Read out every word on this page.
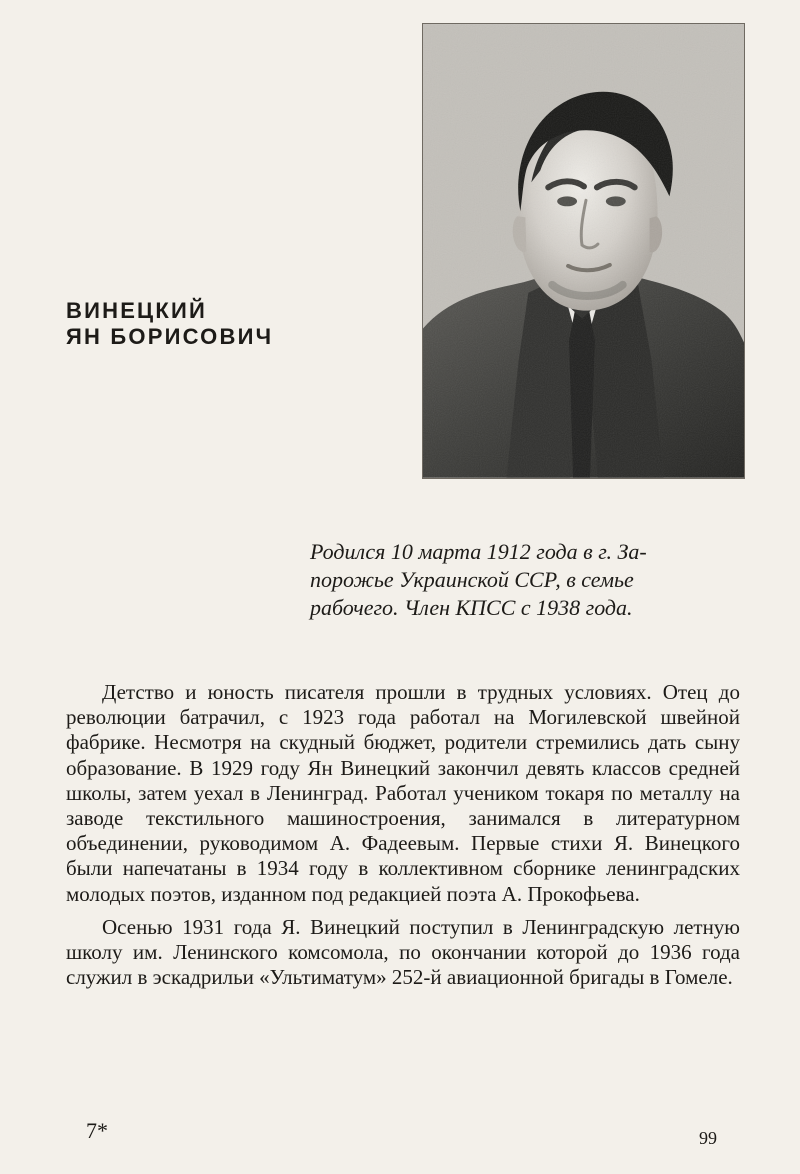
ВИНЕЦКИЙ
ЯН БОРИСОВИЧ
Родился 10 марта 1912 года в г. За-
порожье Украинской ССР, в семье
рабочего. Член КПСС с 1938 года.

Детство и юность писателя прошли в трудных условиях. Отец до революции батрачил, с 1923 года работал на Могилевской швейной фабрике. Несмотря на скудный бюджет, родители стремились дать сыну образование. В 1929 году Ян Винецкий закончил девять классов средней школы, затем уехал в Ленинград. Работал учеником токаря по металлу на заводе текстильного машиностроения, занимался в литературном объединении, руководимом А. Фадеевым. Первые стихи Я. Винецкого были напечатаны в 1934 году в коллективном сборнике ленинградских молодых поэтов, изданном под редакцией поэта А. Прокофьева.

Осенью 1931 года Я. Винецкий поступил в Ленинградскую летную школу им. Ленинского комсомола, по окончании которой до 1936 года служил в эскадрильи «Ультиматум» 252-й авиационной бригады в Гомеле.

7*	99
